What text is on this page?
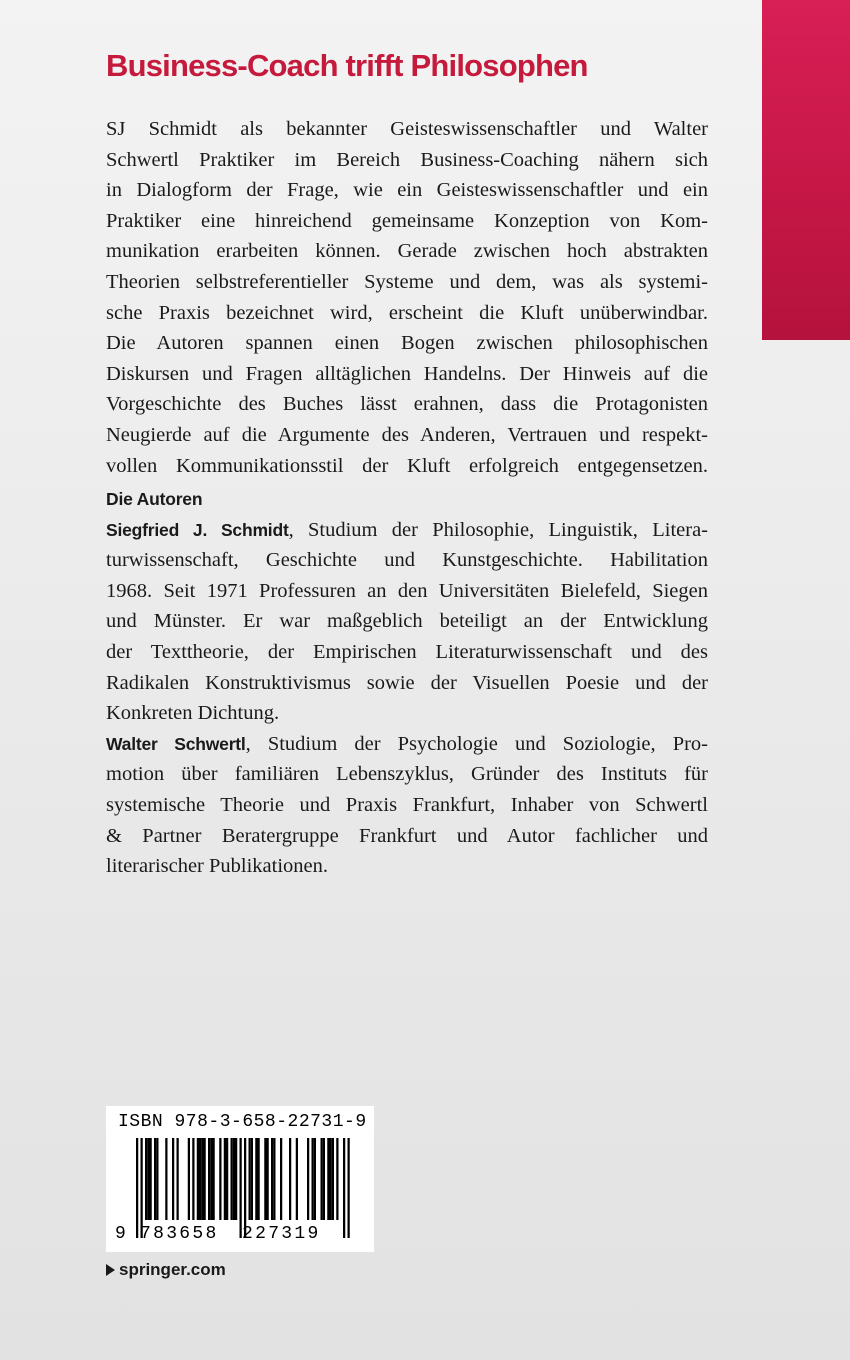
Business-Coach trifft Philosophen
SJ Schmidt als bekannter Geisteswissenschaftler und Walter
Schwertl Praktiker im Bereich Business-Coaching nähern sich
in Dialogform der Frage, wie ein Geisteswissenschaftler und ein
Praktiker eine hinreichend gemeinsame Konzeption von Kom-
munikation erarbeiten können. Gerade zwischen hoch abstrakten
Theorien selbstreferentieller Systeme und dem, was als systemi-
sche Praxis bezeichnet wird, erscheint die Kluft unüberwindbar.
Die Autoren spannen einen Bogen zwischen philosophischen
Diskursen und Fragen alltäglichen Handelns. Der Hinweis auf die
Vorgeschichte des Buches lässt erahnen, dass die Protagonisten
Neugierde auf die Argumente des Anderen, Vertrauen und respekt-
vollen Kommunikationsstil der Kluft erfolgreich entgegensetzen.
Die Autoren
Siegfried J. Schmidt, Studium der Philosophie, Linguistik, Litera-
turwissenschaft, Geschichte und Kunstgeschichte. Habilitation
1968. Seit 1971 Professuren an den Universitäten Bielefeld, Siegen
und Münster. Er war maßgeblich beteiligt an der Entwicklung
der Texttheorie, der Empirischen Literaturwissenschaft und des
Radikalen Konstruktivismus sowie der Visuellen Poesie und der
Konkreten Dichtung.
Walter Schwertl, Studium der Psychologie und Soziologie, Pro-
motion über familiären Lebenszyklus, Gründer des Instituts für
systemische Theorie und Praxis Frankfurt, Inhaber von Schwertl
& Partner Beratergruppe Frankfurt und Autor fachlicher und
literarischer Publikationen.
ISBN 978-3-658-22731-9
9 783658 227319
springer.com
